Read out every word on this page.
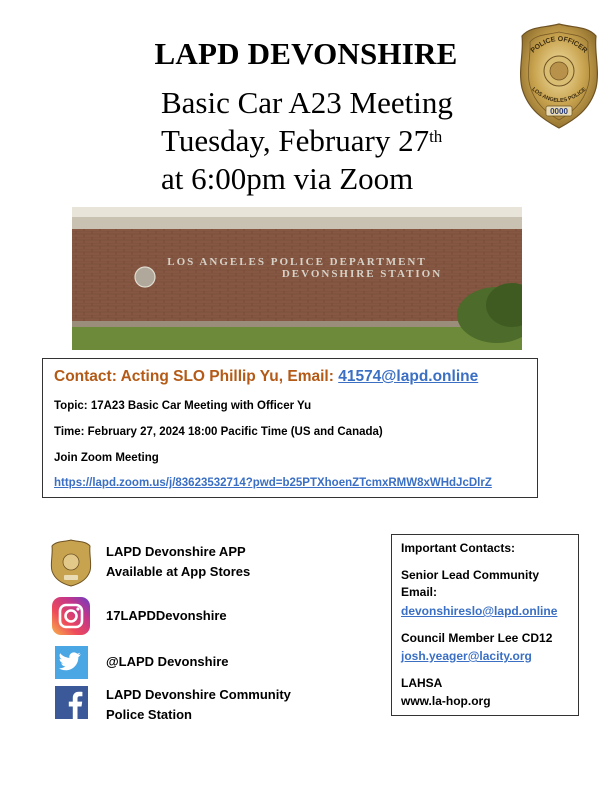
LAPD DEVONSHIRE
Basic Car A23 Meeting
Tuesday, February 27th
at 6:00pm via Zoom
POLICE OFFICER
LOS ANGELES POLICE
0000
LOS ANGELES POLICE DEPARTMENT
DEVONSHIRE STATION
Contact: Acting SLO Phillip Yu, Email: 41574@lapd.online
Topic: 17A23 Basic Car Meeting with Officer Yu
Time: February 27, 2024 18:00 Pacific Time (US and Canada)
Join Zoom Meeting
https://lapd.zoom.us/j/83623532714?pwd=b25PTXhoenZTcmxRMW8xWHdJcDlrZ
LAPD Devonshire APP
Available at App Stores
17LAPDDevonshire
@LAPD Devonshire
LAPD Devonshire Community
Police Station
Important Contacts:
Senior Lead Community
Email:
devonshireslo@lapd.online
Council Member Lee CD12
josh.yeager@lacity.org
LAHSA
www.la-hop.org
